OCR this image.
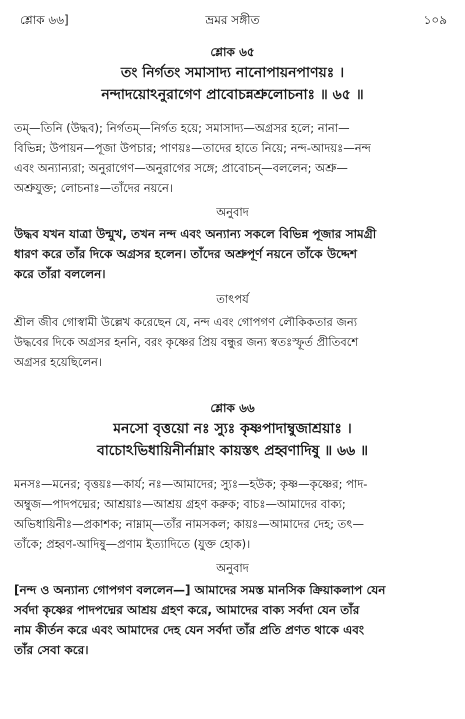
শ্লোক ৬৬]	ভ্রমর সঙ্গীত	১০৯
শ্লোক ৬৫
তং নির্গতং সমাসাদ্য নানোপায়নপাণয়ঃ ।
নন্দাদয়োঽনুরাগেণ প্রাবোচন্নশ্রুলোচনাঃ ॥ ৬৫ ॥
তম্—তিনি (উদ্ধব); নির্গতম্—নির্গত হয়ে; সমাসাদ্য—অগ্রসর হলে; নানা—
বিভিন্ন; উপায়ন—পূজা উপচার; পাণয়ঃ—তাদের হাতে নিয়ে; নন্দ-আদয়ঃ—নন্দ
এবং অন্যান্যরা; অনুরাগেণ—অনুরাগের সঙ্গে; প্রাবোচন্—বললেন; অশ্রু—
অশ্রুযুক্ত; লোচনাঃ—তাঁদের নয়নে।
অনুবাদ
উদ্ধব যখন যাত্রা উন্মুখ, তখন নন্দ এবং অন্যান্য সকলে বিভিন্ন পূজার সামগ্রী
ধারণ করে তাঁর দিকে অগ্রসর হলেন। তাঁদের অশ্রুপূর্ণ নয়নে তাঁকে উদ্দেশ
করে তাঁরা বললেন।
তাৎপর্য
শ্রীল জীব গোস্বামী উল্লেখ করেছেন যে, নন্দ এবং গোপগণ লৌকিকতার জন্য
উদ্ধবের দিকে অগ্রসর হননি, বরং কৃষ্ণের প্রিয় বন্ধুর জন্য স্বতঃস্ফূর্ত প্রীতিবশে
অগ্রসর হয়েছিলেন।
শ্লোক ৬৬
মনসো বৃত্তয়ো নঃ স্যুঃ কৃষ্ণপাদাম্বুজাশ্রয়াঃ ।
বাচোঽভিধায়িনীর্নাম্নাং কায়স্তৎ প্রহ্বণাদিষু ॥ ৬৬ ॥
মনসঃ—মনের; বৃত্তয়ঃ—কার্য; নঃ—আমাদের; স্যুঃ—হউক; কৃষ্ণ—কৃষ্ণের; পাদ-
অম্বুজ—পাদপদ্মের; আশ্রয়াঃ—আশ্রয় গ্রহণ করুক; বাচঃ—আমাদের বাক্য;
অভিধায়িনীঃ—প্রকাশক; নাম্নাম্—তাঁর নামসকল; কায়ঃ—আমাদের দেহ; তৎ—
তাঁকে; প্রহ্বণ-আদিষু—প্রণাম ইত্যাদিতে (যুক্ত হোক)।
অনুবাদ
[নন্দ ও অন্যান্য গোপগণ বললেন—] আমাদের সমস্ত মানসিক ক্রিয়াকলাপ যেন
সর্বদা কৃষ্ণের পাদপদ্মের আশ্রয় গ্রহণ করে, আমাদের বাক্য সর্বদা যেন তাঁর
নাম কীর্তন করে এবং আমাদের দেহ যেন সর্বদা তাঁর প্রতি প্রণত থাকে এবং
তাঁর সেবা করে।
